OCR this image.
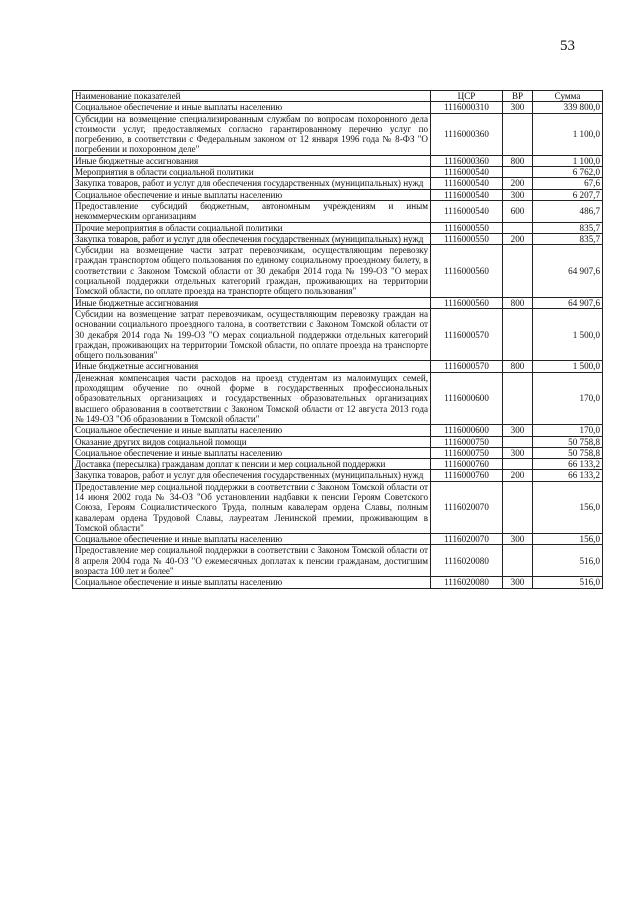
53
Наименование показателей	ЦСР	ВР	Сумма
Социальное обеспечение и иные выплаты населению	1116000310	300	339 800,0
Субсидии на возмещение специализированным службам по вопросам похоронного дела стоимости услуг, предоставляемых согласно гарантированному перечню услуг по погребению, в соответствии с Федеральным законом от 12 января 1996 года № 8-ФЗ "О погребении и похоронном деле"	1116000360		1 100,0
Иные бюджетные ассигнования	1116000360	800	1 100,0
Мероприятия в области социальной политики	1116000540		6 762,0
Закупка товаров, работ и услуг для обеспечения государственных (муниципальных) нужд	1116000540	200	67,6
Социальное обеспечение и иные выплаты населению	1116000540	300	6 207,7
Предоставление субсидий бюджетным, автономным учреждениям и иным некоммерческим организациям	1116000540	600	486,7
Прочие мероприятия в области социальной политики	1116000550		835,7
Закупка товаров, работ и услуг для обеспечения государственных (муниципальных) нужд	1116000550	200	835,7
Субсидии на возмещение части затрат перевозчикам, осуществляющим перевозку граждан транспортом общего пользования по единому социальному проездному билету, в соответствии с Законом Томской области от 30 декабря 2014 года № 199-ОЗ "О мерах социальной поддержки отдельных категорий граждан, проживающих на территории Томской области, по оплате проезда на транспорте общего пользования"	1116000560		64 907,6
Иные бюджетные ассигнования	1116000560	800	64 907,6
Субсидии на возмещение затрат перевозчикам, осуществляющим перевозку граждан на основании социального проездного талона, в соответствии с Законом Томской области от 30 декабря 2014 года № 199-ОЗ "О мерах социальной поддержки отдельных категорий граждан, проживающих на территории Томской области, по оплате проезда на транспорте общего пользования"	1116000570		1 500,0
Иные бюджетные ассигнования	1116000570	800	1 500,0
Денежная компенсация части расходов на проезд студентам из малоимущих семей, проходящим обучение по очной форме в государственных профессиональных образовательных организациях и государственных образовательных организациях высшего образования в соответствии с Законом Томской области от 12 августа 2013 года № 149-ОЗ "Об образовании в Томской области"	1116000600		170,0
Социальное обеспечение и иные выплаты населению	1116000600	300	170,0
Оказание других видов социальной помощи	1116000750		50 758,8
Социальное обеспечение и иные выплаты населению	1116000750	300	50 758,8
Доставка (пересылка) гражданам доплат к пенсии и мер социальной поддержки	1116000760		66 133,2
Закупка товаров, работ и услуг для обеспечения государственных (муниципальных) нужд	1116000760	200	66 133,2
Предоставление мер социальной поддержки в соответствии с Законом Томской области от 14 июня 2002 года № 34-ОЗ "Об установлении надбавки к пенсии Героям Советского Союза, Героям Социалистического Труда, полным кавалерам ордена Славы, полным кавалерам ордена Трудовой Славы, лауреатам Ленинской премии, проживающим в Томской области"	1116020070		156,0
Социальное обеспечение и иные выплаты населению	1116020070	300	156,0
Предоставление мер социальной поддержки в соответствии с Законом Томской области от 8 апреля 2004 года № 40-ОЗ "О ежемесячных доплатах к пенсии гражданам, достигшим возраста 100 лет и более"	1116020080		516,0
Социальное обеспечение и иные выплаты населению	1116020080	300	516,0
